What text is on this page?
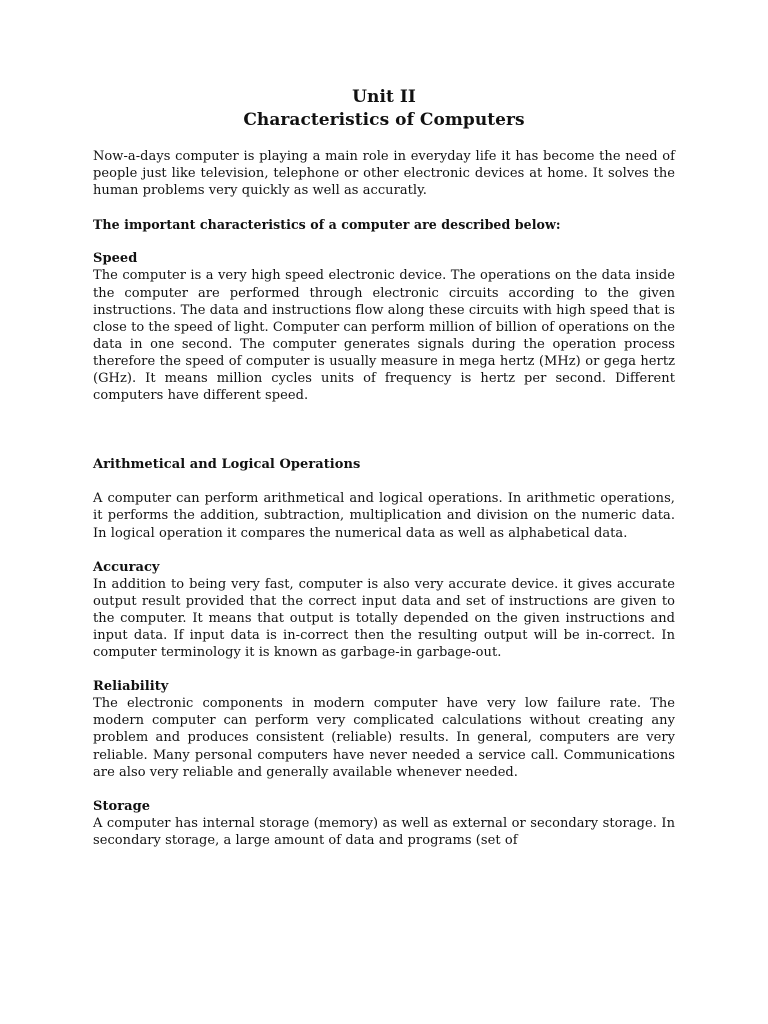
Unit II
Characteristics of Computers

Now-a-days computer is playing a main role in everyday life it has become the need of people just like television, telephone or other electronic devices at home. It solves the human problems very quickly as well as accuratly.

The important characteristics of a computer are described below:
Speed

The computer is a very high speed electronic device. The operations on the data inside the computer are performed through electronic circuits according to the given instructions. The data and instructions flow along these circuits with high speed that is close to the speed of light. Computer can perform million of billion of operations on the data in one second. The computer generates signals during the operation process therefore the speed of computer is usually measure in mega hertz (MHz) or gega hertz (GHz). It means million cycles units of frequency is hertz per second. Different computers have different speed.

Arithmetical and Logical Operations

A computer can perform arithmetical and logical operations. In arithmetic operations, it performs the addition, subtraction, multiplication and division on the numeric data. In logical operation it compares the numerical data as well as alphabetical data.

Accuracy

In addition to being very fast, computer is also very accurate device. it gives accurate output result provided that the correct input data and set of instructions are given to the computer. It means that output is totally depended on the given instructions and input data. If input data is in-correct then the resulting output will be in-correct. In computer terminology it is known as garbage-in garbage-out.

Reliability

The electronic components in modern computer have very low failure rate. The modern computer can perform very complicated calculations without creating any problem and produces consistent (reliable) results. In general, computers are very reliable. Many personal computers have never needed a service call. Communications are also very reliable and generally available whenever needed.

Storage

A computer has internal storage (memory) as well as external or secondary storage. In secondary storage, a large amount of data and programs (set of
